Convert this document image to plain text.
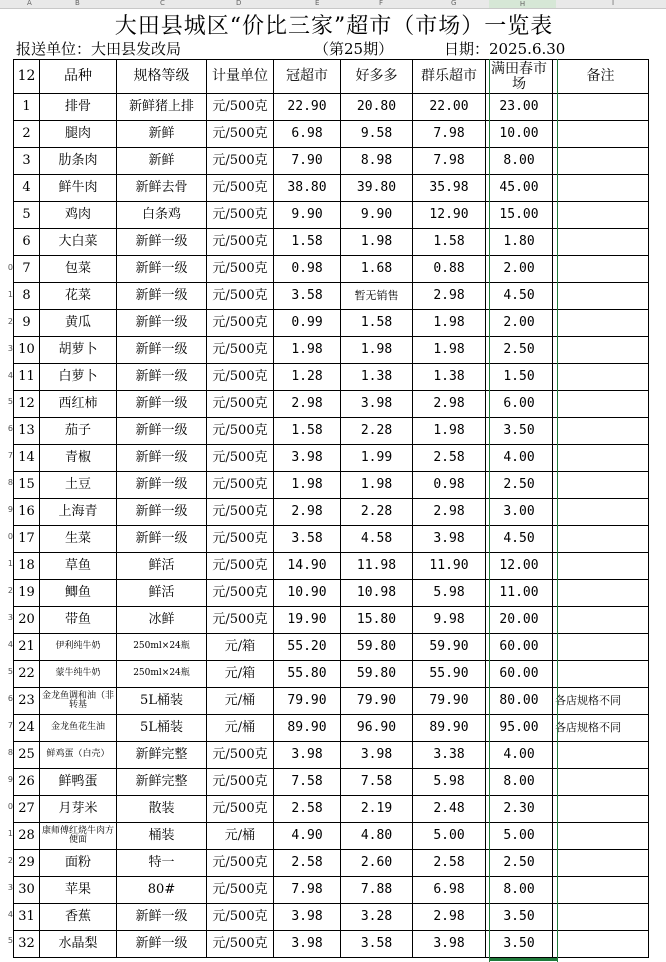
A	B	C	D	E	F	G	H	I
0
1
2
3
4
5
6
7
8
9
0
1
2
3
4
5
6
7
8
9
0
1
2
3
4
5
大田县城区“价比三家”超市（市场）一览表
报送单位：大田县发改局	（第25期）	日期：2025.6.30
12	品种	规格等级	计量单位	冠超市	好多多	群乐超市	满田春市场	备注
1	排骨	新鲜猪上排	元/500克	22.90	20.80	22.00	23.00	
2	腿肉	新鲜	元/500克	6.98	9.58	7.98	10.00	
3	肋条肉	新鲜	元/500克	7.90	8.98	7.98	8.00	
4	鲜牛肉	新鲜去骨	元/500克	38.80	39.80	35.98	45.00	
5	鸡肉	白条鸡	元/500克	9.90	9.90	12.90	15.00	
6	大白菜	新鲜一级	元/500克	1.58	1.98	1.58	1.80	
7	包菜	新鲜一级	元/500克	0.98	1.68	0.88	2.00	
8	花菜	新鲜一级	元/500克	3.58	暂无销售	2.98	4.50	
9	黄瓜	新鲜一级	元/500克	0.99	1.58	1.98	2.00	
10	胡萝卜	新鲜一级	元/500克	1.98	1.98	1.98	2.50	
11	白萝卜	新鲜一级	元/500克	1.28	1.38	1.38	1.50	
12	西红柿	新鲜一级	元/500克	2.98	3.98	2.98	6.00	
13	茄子	新鲜一级	元/500克	1.58	2.28	1.98	3.50	
14	青椒	新鲜一级	元/500克	3.98	1.99	2.58	4.00	
15	土豆	新鲜一级	元/500克	1.98	1.98	0.98	2.50	
16	上海青	新鲜一级	元/500克	2.98	2.28	2.98	3.00	
17	生菜	新鲜一级	元/500克	3.58	4.58	3.98	4.50	
18	草鱼	鲜活	元/500克	14.90	11.98	11.90	12.00	
19	鲫鱼	鲜活	元/500克	10.90	10.98	5.98	11.00	
20	带鱼	冰鲜	元/500克	19.90	15.80	9.98	20.00	
21	伊利纯牛奶	250ml×24瓶	元/箱	55.20	59.80	59.90	60.00	
22	蒙牛纯牛奶	250ml×24瓶	元/箱	55.80	59.80	55.90	60.00	
23	金龙鱼调和油（非转基	5L桶装	元/桶	79.90	79.90	79.90	80.00	各店规格不同
24	金龙鱼花生油	5L桶装	元/桶	89.90	96.90	89.90	95.00	各店规格不同
25	鲜鸡蛋（白壳）	新鲜完整	元/500克	3.98	3.98	3.38	4.00	
26	鲜鸭蛋	新鲜完整	元/500克	7.58	7.58	5.98	8.00	
27	月芽米	散装	元/500克	2.58	2.19	2.48	2.30	
28	康师傅红烧牛肉方便面	桶装	元/桶	4.90	4.80	5.00	5.00	
29	面粉	特一	元/500克	2.58	2.60	2.58	2.50	
30	苹果	80#	元/500克	7.98	7.88	6.98	8.00	
31	香蕉	新鲜一级	元/500克	3.98	3.28	2.98	3.50	
32	水晶梨	新鲜一级	元/500克	3.98	3.58	3.98	3.50	
